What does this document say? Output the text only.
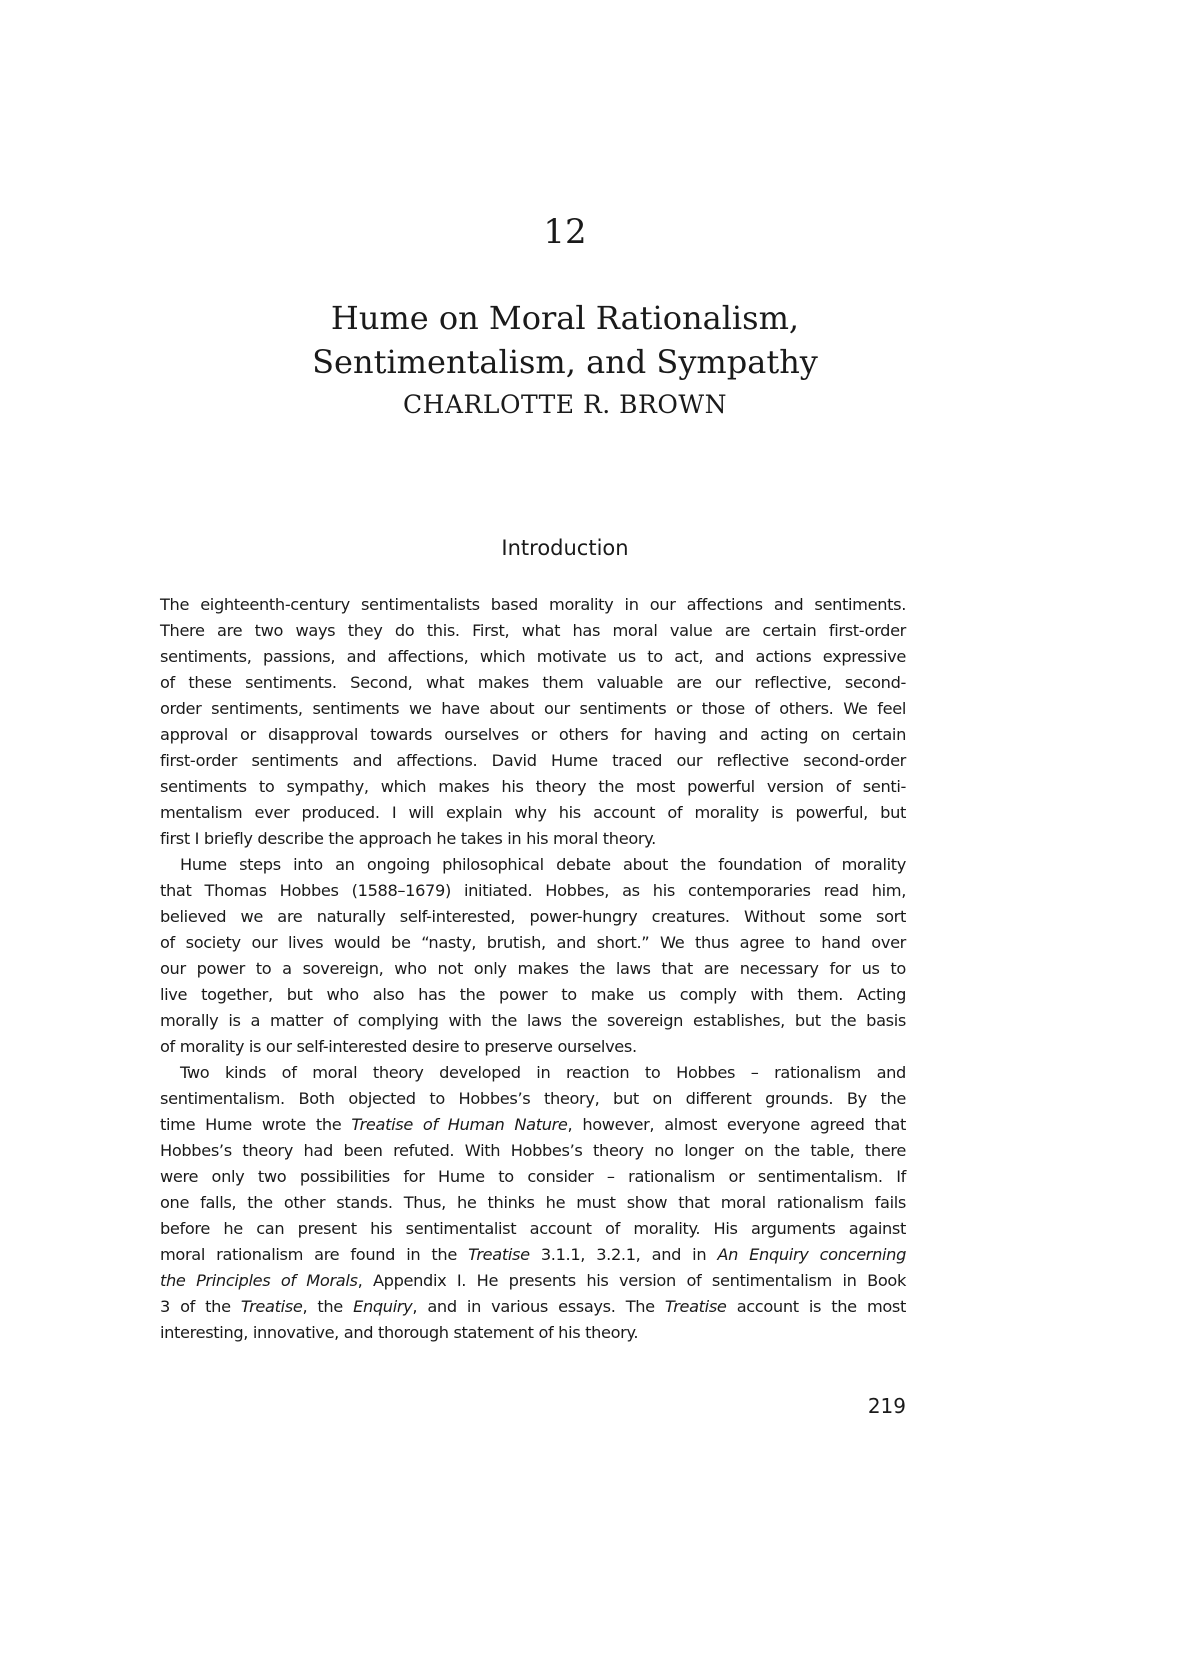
12
Hume on Moral Rationalism,
Sentimentalism, and Sympathy
CHARLOTTE R. BROWN
Introduction
The eighteenth-century sentimentalists based morality in our affections and sentiments.
There are two ways they do this. First, what has moral value are certain first-order
sentiments, passions, and affections, which motivate us to act, and actions expressive
of these sentiments. Second, what makes them valuable are our reflective, second-
order sentiments, sentiments we have about our sentiments or those of others. We feel
approval or disapproval towards ourselves or others for having and acting on certain
first-order sentiments and affections. David Hume traced our reflective second-order
sentiments to sympathy, which makes his theory the most powerful version of senti-
mentalism ever produced. I will explain why his account of morality is powerful, but
first I briefly describe the approach he takes in his moral theory.
Hume steps into an ongoing philosophical debate about the foundation of morality
that Thomas Hobbes (1588–1679) initiated. Hobbes, as his contemporaries read him,
believed we are naturally self-interested, power-hungry creatures. Without some sort
of society our lives would be “nasty, brutish, and short.” We thus agree to hand over
our power to a sovereign, who not only makes the laws that are necessary for us to
live together, but who also has the power to make us comply with them. Acting
morally is a matter of complying with the laws the sovereign establishes, but the basis
of morality is our self-interested desire to preserve ourselves.
Two kinds of moral theory developed in reaction to Hobbes – rationalism and
sentimentalism. Both objected to Hobbes’s theory, but on different grounds. By the
time Hume wrote the Treatise of Human Nature, however, almost everyone agreed that
Hobbes’s theory had been refuted. With Hobbes’s theory no longer on the table, there
were only two possibilities for Hume to consider – rationalism or sentimentalism. If
one falls, the other stands. Thus, he thinks he must show that moral rationalism fails
before he can present his sentimentalist account of morality. His arguments against
moral rationalism are found in the Treatise 3.1.1, 3.2.1, and in An Enquiry concerning
the Principles of Morals, Appendix I. He presents his version of sentimentalism in Book
3 of the Treatise, the Enquiry, and in various essays. The Treatise account is the most
interesting, innovative, and thorough statement of his theory.
219
